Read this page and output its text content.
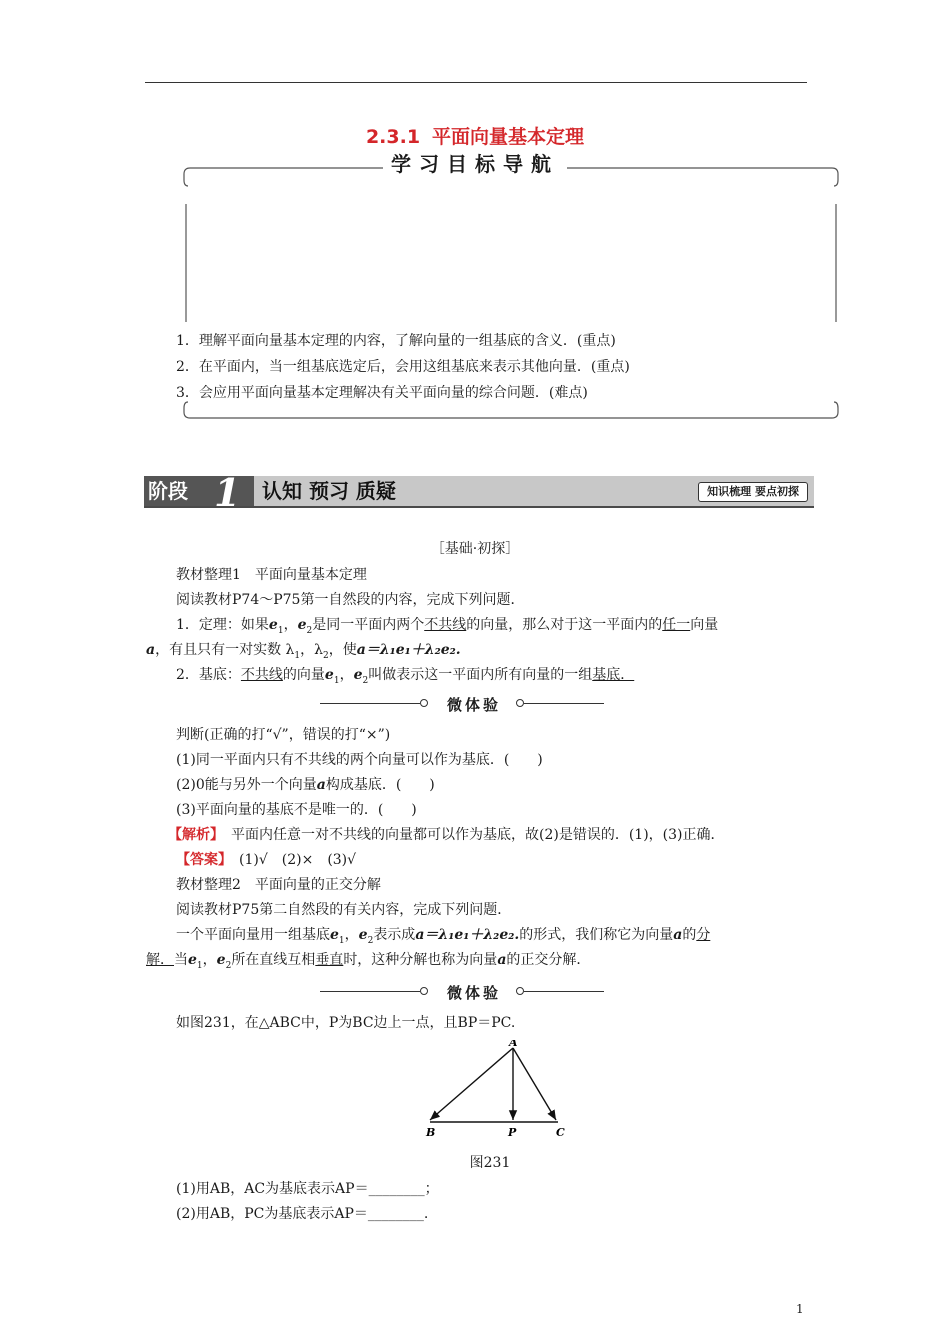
2.3.1 平面向量基本定理
学习目标导航
1．理解平面向量基本定理的内容，了解向量的一组基底的含义．(重点)
2．在平面内，当一组基底选定后，会用这组基底来表示其他向量．(重点)
3．会应用平面向量基本定理解决有关平面向量的综合问题．(难点)
阶段 1 认知 预习 质疑	知识梳理 要点初探
［基础·初探］
教材整理1　平面向量基本定理
阅读教材P74～P75第一自然段的内容，完成下列问题．
1．定理：如果$e_1$，$e_2$是同一平面内两个不共线的向量，那么对于这一平面内的任一向量
a，有且只有一对实数 $\lambda_1$，$\lambda_2$，使a＝λ₁e₁＋λ₂e₂.
2．基底：不共线的向量$e_1$，$e_2$叫做表示这一平面内所有向量的一组基底．
微体验
判断(正确的打“√”，错误的打“×”)
(1)同一平面内只有不共线的两个向量可以作为基底．(　　)
(2)0能与另外一个向量a构成基底．(　　)
(3)平面向量的基底不是唯一的．(　　)
【解析】　 平面内任意一对不共线的向量都可以作为基底，故(2)是错误的．(1)，(3)正确．
【答案】　 (1)√　(2)×　(3)√
教材整理2　平面向量的正交分解
阅读教材P75第二自然段的有关内容，完成下列问题．
一个平面向量用一组基底$e_1$，$e_2$表示成a＝λ₁e₁＋λ₂e₂.的形式，我们称它为向量a的分
解．当$e_1$，$e_2$所在直线互相垂直时，这种分解也称为向量a的正交分解．
微体验
如图231，在△ABC中，P为BC边上一点，且BP＝PC.
A
B	P	C
图231
(1)用AB，AC为基底表示AP＝________；
(2)用AB，PC为基底表示AP＝________.
1
